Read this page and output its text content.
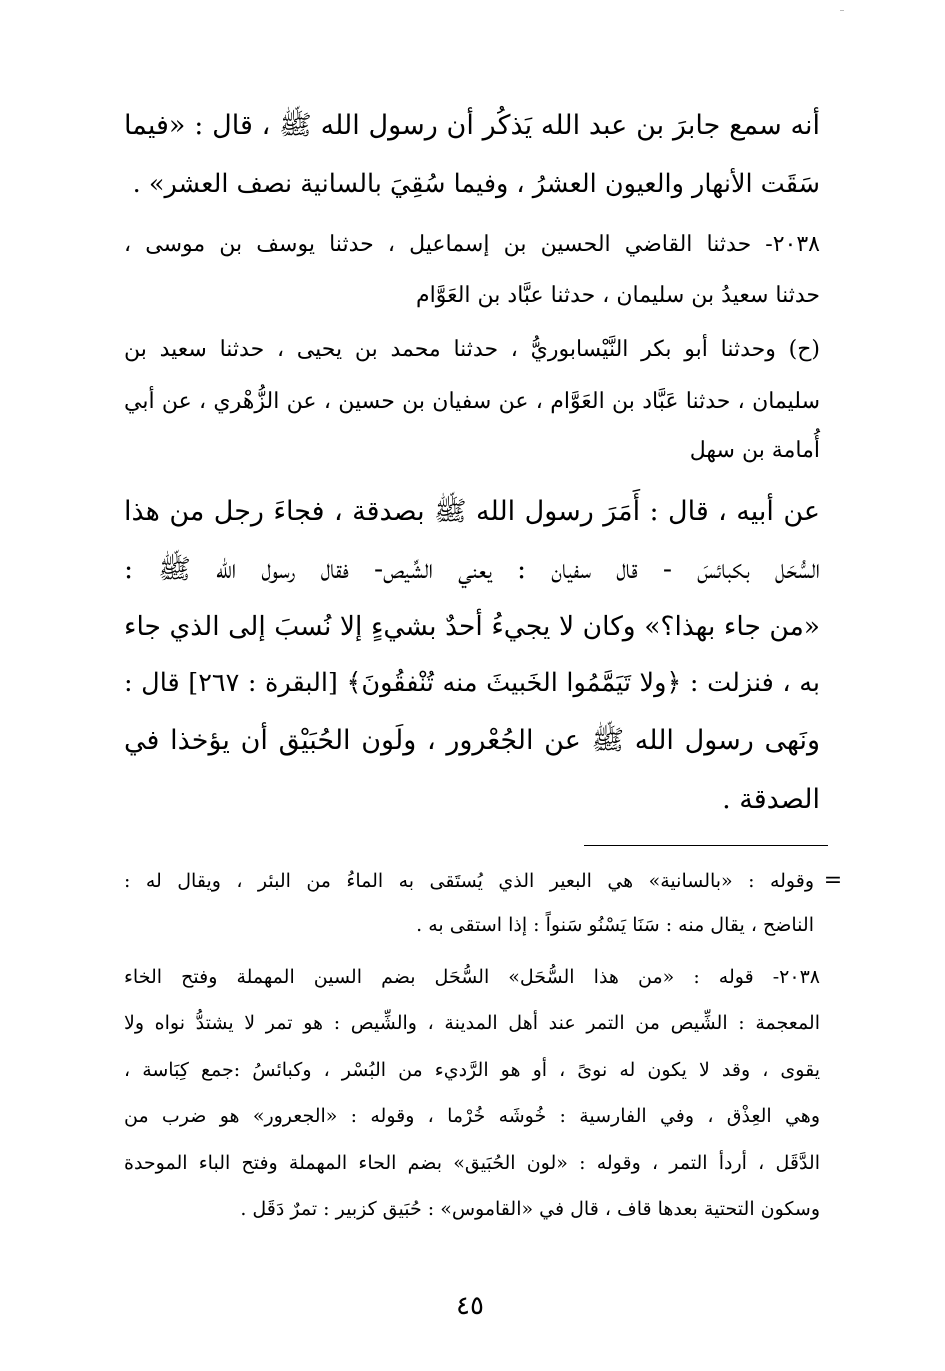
أنه سمع جابرَ بن عبد الله يَذكُر أن رسول الله ﷺ ، قال : «فيما
سَقَت الأنهار والعيون العشرُ ، وفيما سُقِيَ بالسانية نصف العشر» .
٢٠٣٨- حدثنا القاضي الحسين بن إسماعيل ، حدثنا يوسف بن موسى ،
حدثنا سعيدُ بن سليمان ، حدثنا عبَّاد بن العَوَّام
(ح) وحدثنا أبو بكر النَّيْسابوريُّ ، حدثنا محمد بن يحيى ، حدثنا سعيد بن
سليمان ، حدثنا عَبَّاد بن العَوَّام ، عن سفيان بن حسين ، عن الزُّهْري ، عن أبي
أُمامة بن سهل
عن أبيه ، قال : أَمَرَ رسول الله ﷺ بصدقة ، فجاءَ رجل من هذا
السُّحَل بكبائسَ - قال سفيان : يعني الشِّيص- فقال رسول الله ﷺ :
«من جاء بهذا؟» وكان لا يجيءُ أحدٌ بشيءٍ إلا نُسبَ إلى الذي جاء
به ، فنزلت : ﴿ولا تَيَمَّمُوا الخَبيثَ منه تُنْفقُونَ﴾ [البقرة : ٢٦٧] قال :
ونَهى رسول الله ﷺ عن الجُعْرور ، ولَون الحُبَيْق أن يؤخذا في
الصدقة .
=
وقوله : «بالسانية» هي البعير الذي يُستَقى به الماءُ من البئر ، ويقال له :
الناضح ، يقال منه : سَنَا يَسْنُو سَنواً : إذا استقى به .
٢٠٣٨- قوله : «من هذا السُّحَل» السُّحَل بضم السين المهملة وفتح الخاء
المعجمة : الشِّيص من التمر عند أهل المدينة ، والشِّيص : هو تمر لا يشتدُّ نواه ولا
يقوى ، وقد لا يكون له نوىً ، أو هو الرَّديء من البُسْر ، وكبائسُ :جمع كِبَاسة ،
وهي العِذْق ، وفي الفارسية : خُوشَه خُرْما ، وقوله : «الجعرور» هو ضرب من
الدَّقَل ، أردأ التمر ، وقوله : «لون الحُبَيق» بضم الحاء المهملة وفتح الباء الموحدة
وسكون التحتية بعدها قاف ، قال في «القاموس» : حُبَيق كزبير : تمرٌ دَقَل .
٤٥
